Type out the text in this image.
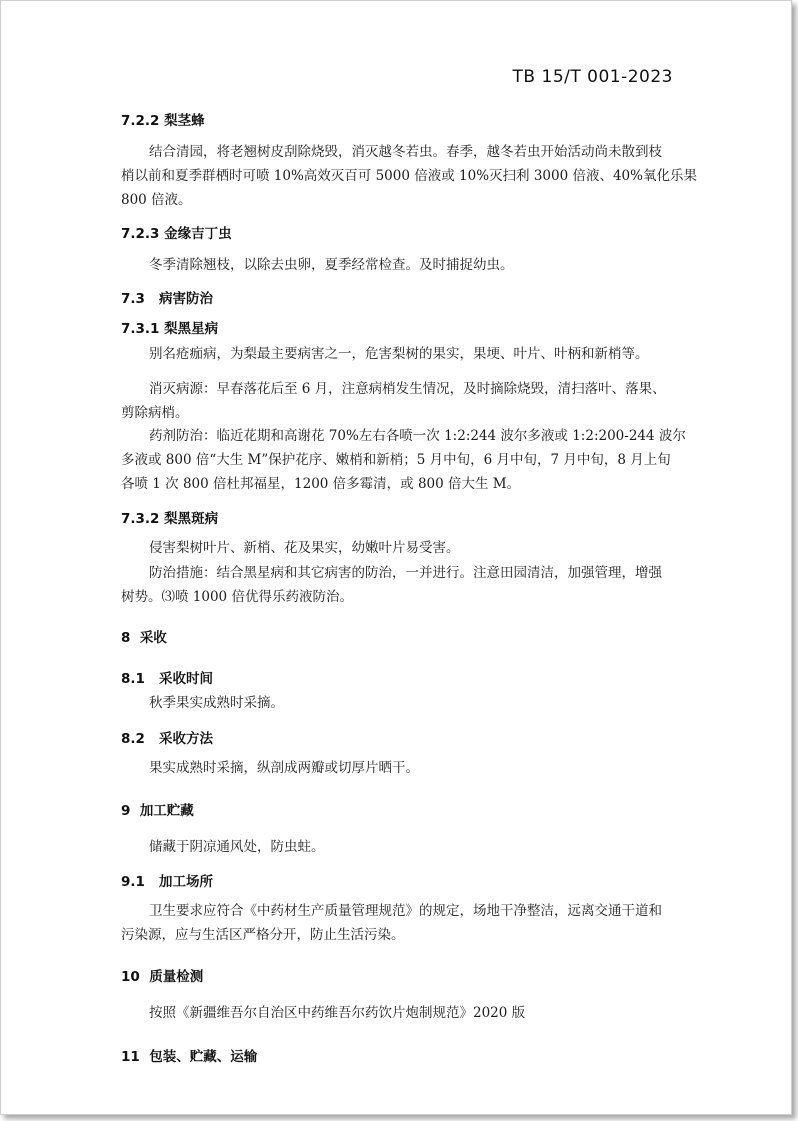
TB 15/T 001-2023
7.2.2 梨茎蜂
结合清园，将老翘树皮刮除烧毁，消灭越冬若虫。春季，越冬若虫开始活动尚未散到枝
梢以前和夏季群栖时可喷 10%高效灭百可 5000 倍液或 10%灭扫利 3000 倍液、40%氧化乐果
800 倍液。
7.2.3 金缘吉丁虫
冬季清除翘枝，以除去虫卵，夏季经常检查。及时捕捉幼虫。
7.3 病害防治
7.3.1 梨黑星病
别名疮痂病，为梨最主要病害之一，危害梨树的果实，果埂、叶片、叶柄和新梢等。
消灭病源：早春落花后至 6 月，注意病梢发生情况，及时摘除烧毁，清扫落叶、落果、
剪除病梢。
药剂防治：临近花期和高谢花 70%左右各喷一次 1:2:244 波尔多液或 1:2:200-244 波尔
多液或 800 倍“大生 M”保护花序、嫩梢和新梢；5 月中旬，6 月中旬，7 月中旬，8 月上旬
各喷 1 次 800 倍杜邦福星，1200 倍多霉清，或 800 倍大生 M。
7.3.2 梨黑斑病
侵害梨树叶片、新梢、花及果实，幼嫩叶片易受害。
防治措施：结合黑星病和其它病害的防治，一并进行。注意田园清洁，加强管理，增强
树势。⑶喷 1000 倍优得乐药液防治。
8 采收
8.1 采收时间
秋季果实成熟时采摘。
8.2 采收方法
果实成熟时采摘，纵剖成两瓣或切厚片晒干。
9 加工贮藏
储藏于阴凉通风处，防虫蛀。
9.1 加工场所
卫生要求应符合《中药材生产质量管理规范》的规定，场地干净整洁，远离交通干道和
污染源，应与生活区严格分开，防止生活污染。
10 质量检测
按照《新疆维吾尔自治区中药维吾尔药饮片炮制规范》2020 版
11 包装、贮藏、运输
